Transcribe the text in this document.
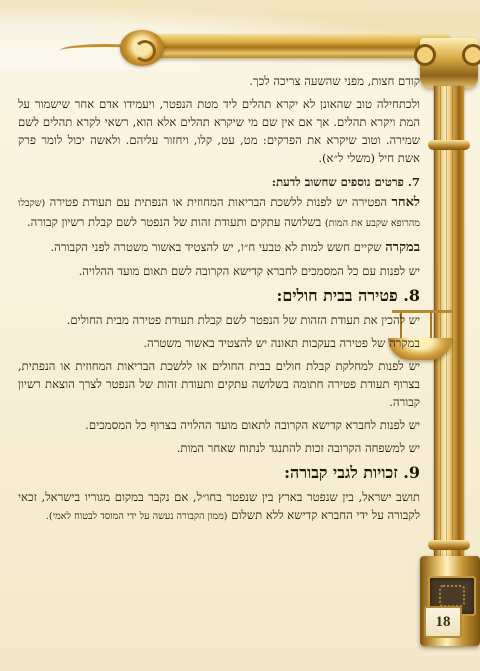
18

קודם חצות, מפני שהשעה צריכה לכך.

ולכתחילה טוב שהאונן לא יקרא תהלים ליד מטת הנפטר, ויעמידו אדם אחר שישמור על המת ויקרא תהלים. אך אם אין שם מי שיקרא תהלים אלא הוא, רשאי לקרא תהלים לשם שמירה. וטוב שיקרא את הפרקים: מט, עט, קלו, ויחזור עליהם. ולאשה יכול לומר פרק אשת חיל (משלי ל״א).

7. פרטים נוספים שחשוב לדעת:

לאחר הפטירה יש לפנות ללשכת הבריאות המחוזית או הנפתית עם תעודת פטירה (שקבלו מהרופא שקבע את המות) בשלושה עתקים ותעודת זהות של הנפטר לשם קבלת רשיון קבורה.

במקרה שקיים חשש למות לא טבעי ח״ו, יש להצטיד באשור משטרה לפני הקבורה.

יש לפנות עם כל המסמכים לחברא קדישא הקרובה לשם תאום מועד ההלויה.

8. פטירה בבית חולים:

יש להכין את תעודת הזהות של הנפטר לשם קבלת תעודת פטירה מבית החולים.

במקרה של פטירה בעקבות תאונה יש להצטיד באשור משטרה.

יש לפנות למחלקת קבלת חולים בבית החולים או ללשכת הבריאות המחוזית או הנפתית, בצרוף תעודת פטירה חתומה בשלושה עתקים ותעודת זהות של הנפטר לצרך הוצאת רשיון קבורה.

יש לפנות לחברא קדישא הקרובה לתאום מועד ההלויה בצרוף כל המסמכים.

יש למשפחה הקרובה זכות להתנגד לנתוח שאחר המות.

9. זכויות לגבי קבורה:

תושב ישראל, בין שנפטר בארץ בין שנפטר בחו״ל, אם נקבר במקום מגוריו בישראל, זכאי לקבורה על ידי החברא קדישא ללא תשלום (ממון הקבורה נעשה על ידי המוסד לבטוח לאמי).
